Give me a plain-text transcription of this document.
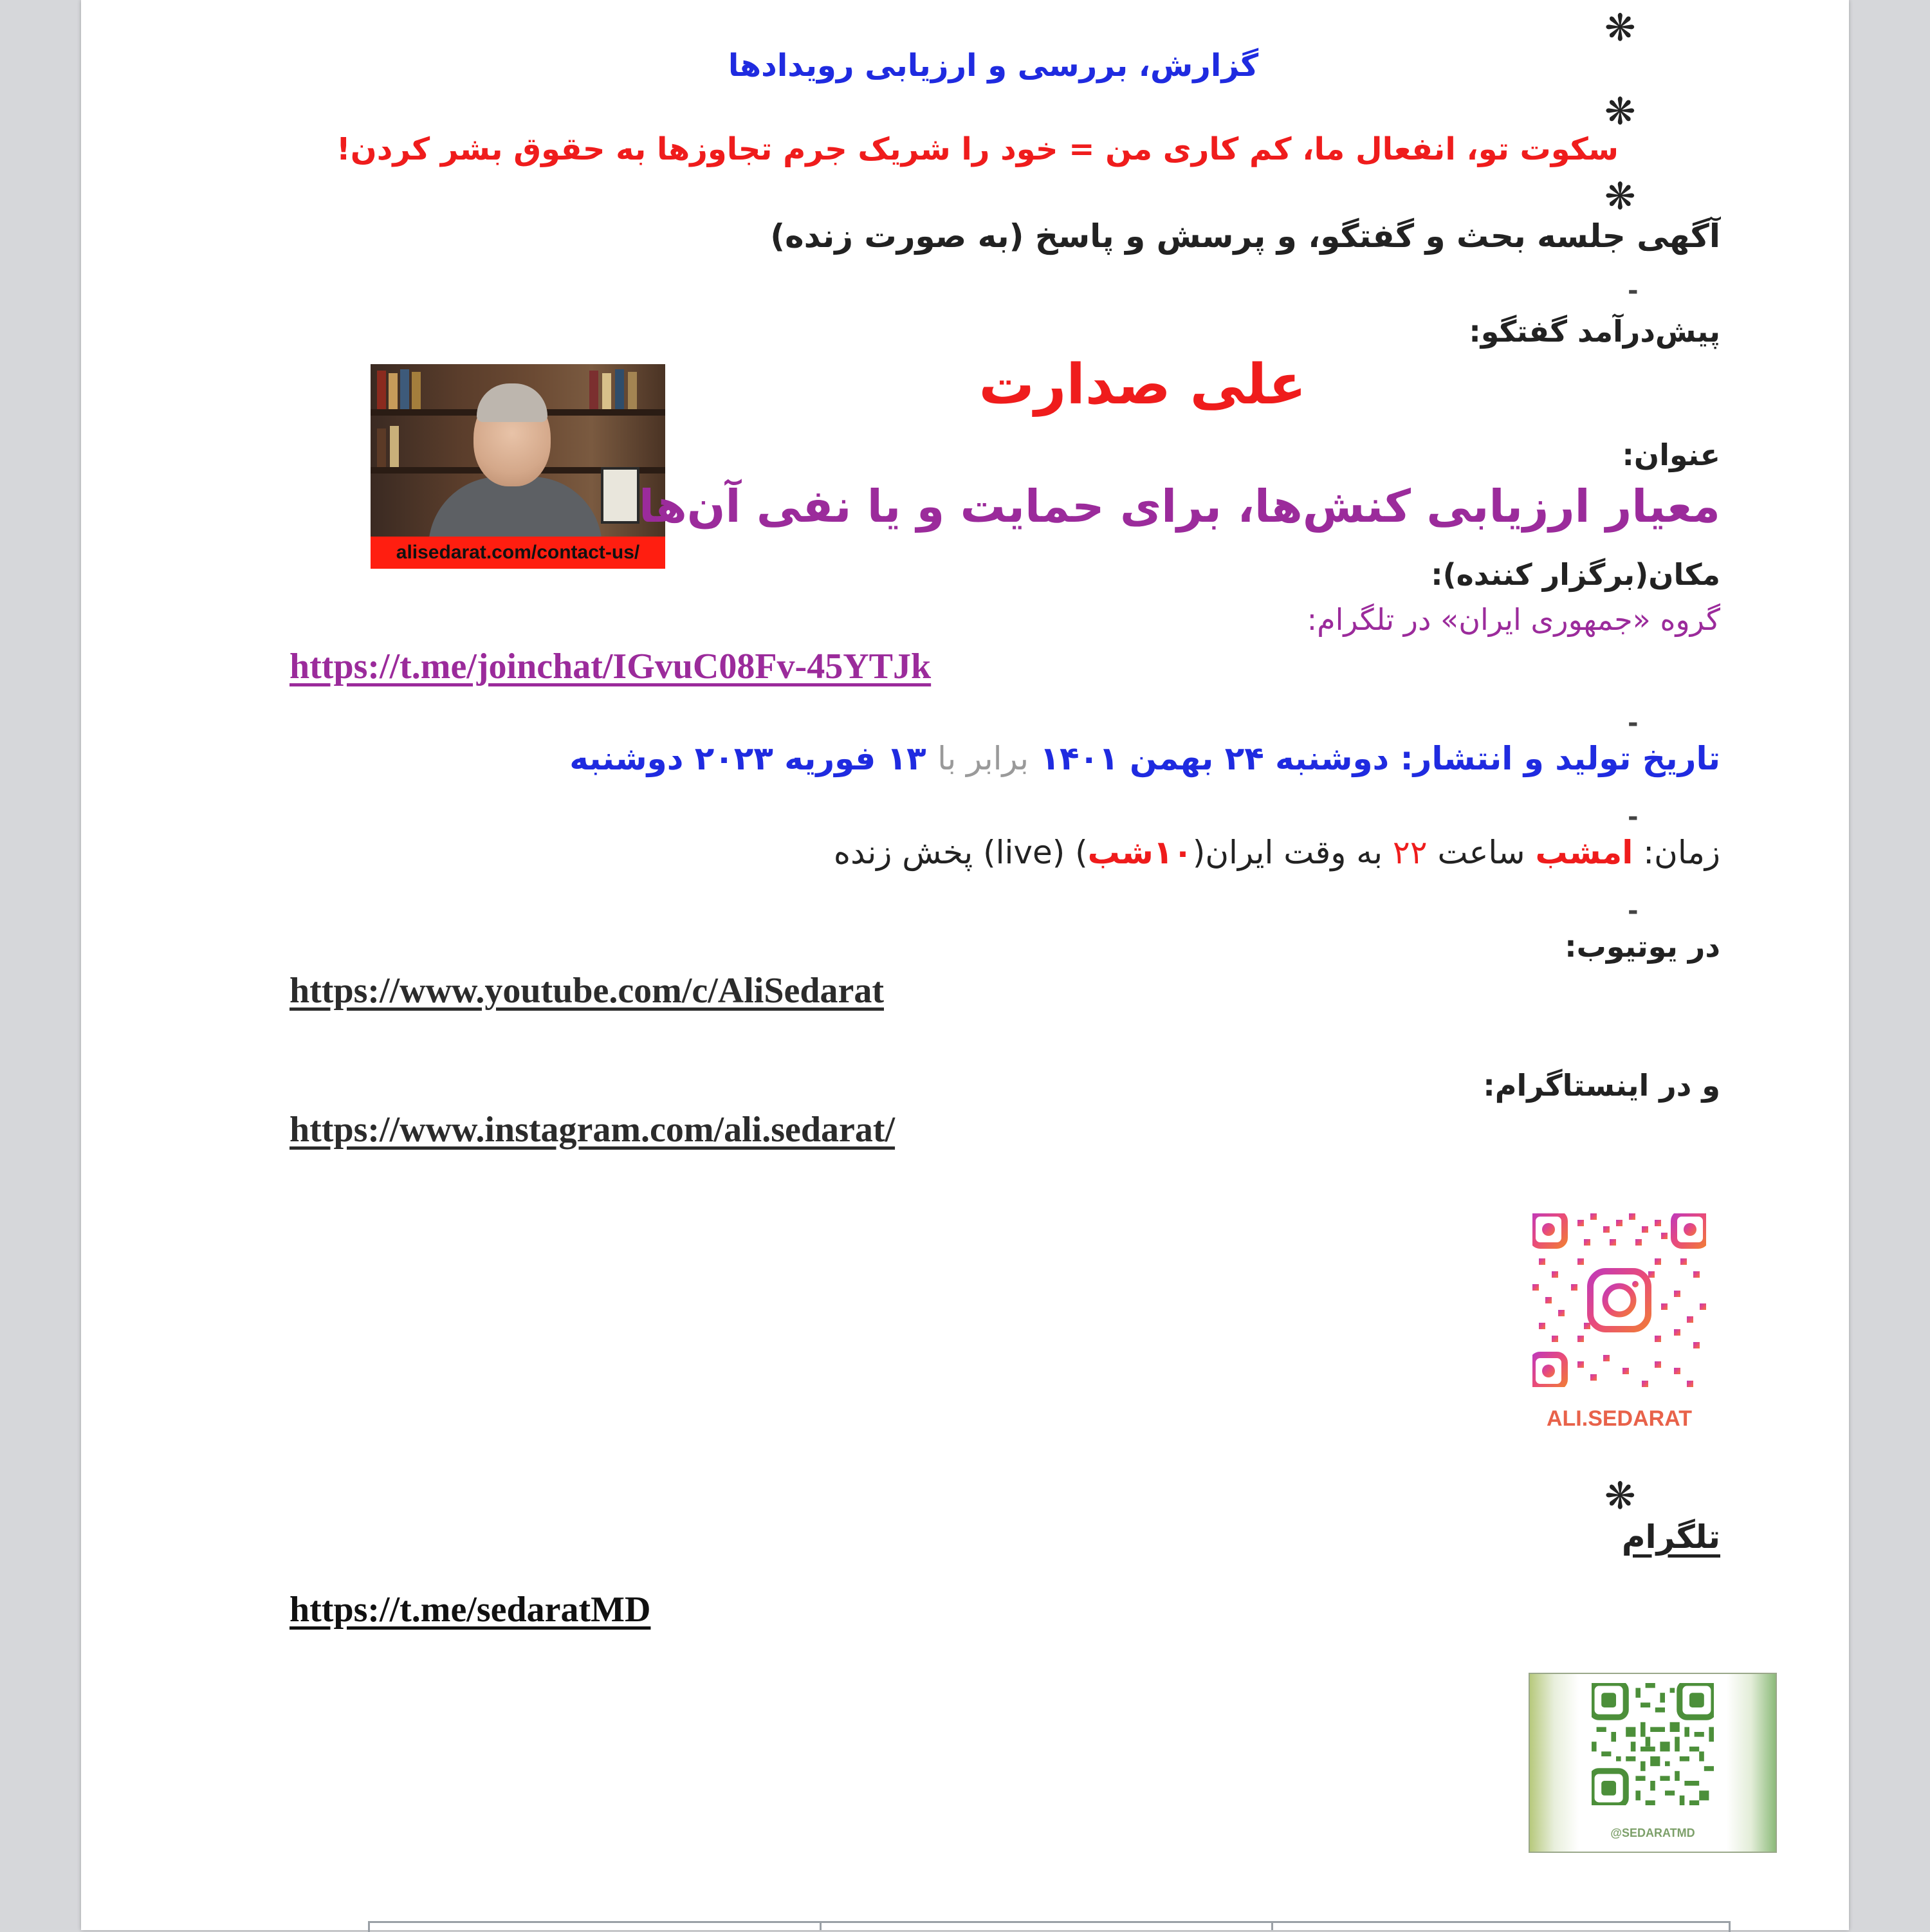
❋
گزارش، بررسی و ارزیابی رویدادها
❋
سکوت تو، انفعال ما، کم کاری من = خود را شریک جرم تجاوزها به حقوق بشر کردن!
❋
آگهی جلسه بحث و گفتگو، و پرسش و پاسخ (به صورت زنده)
-
پیش‌درآمد گفتگو:
alisedarat.com/contact-us/
علی صدارت
عنوان:
معیار ارزیابی کنش‌ها، برای حمایت و یا نفی آن‌ها
مکان(برگزار کننده):
گروه «جمهوری ایران» در تلگرام:
https://t.me/joinchat/IGvuC08Fv-45YTJk
-
تاریخ تولید و انتشار: دوشنبه ۲۴ بهمن ۱۴۰۱ برابر با ۱۳ فوریه ۲۰۲۳ دوشنبه
-
زمان: امشب ساعت ۲۲ به وقت ایران(۱۰شب) (live) پخش زنده
-
در یوتیوب:
https://www.youtube.com/c/AliSedarat
و در اینستاگرام:
https://www.instagram.com/ali.sedarat/
ALI.SEDARAT
❋
تلگرام
https://t.me/sedaratMD
@SEDARATMD
